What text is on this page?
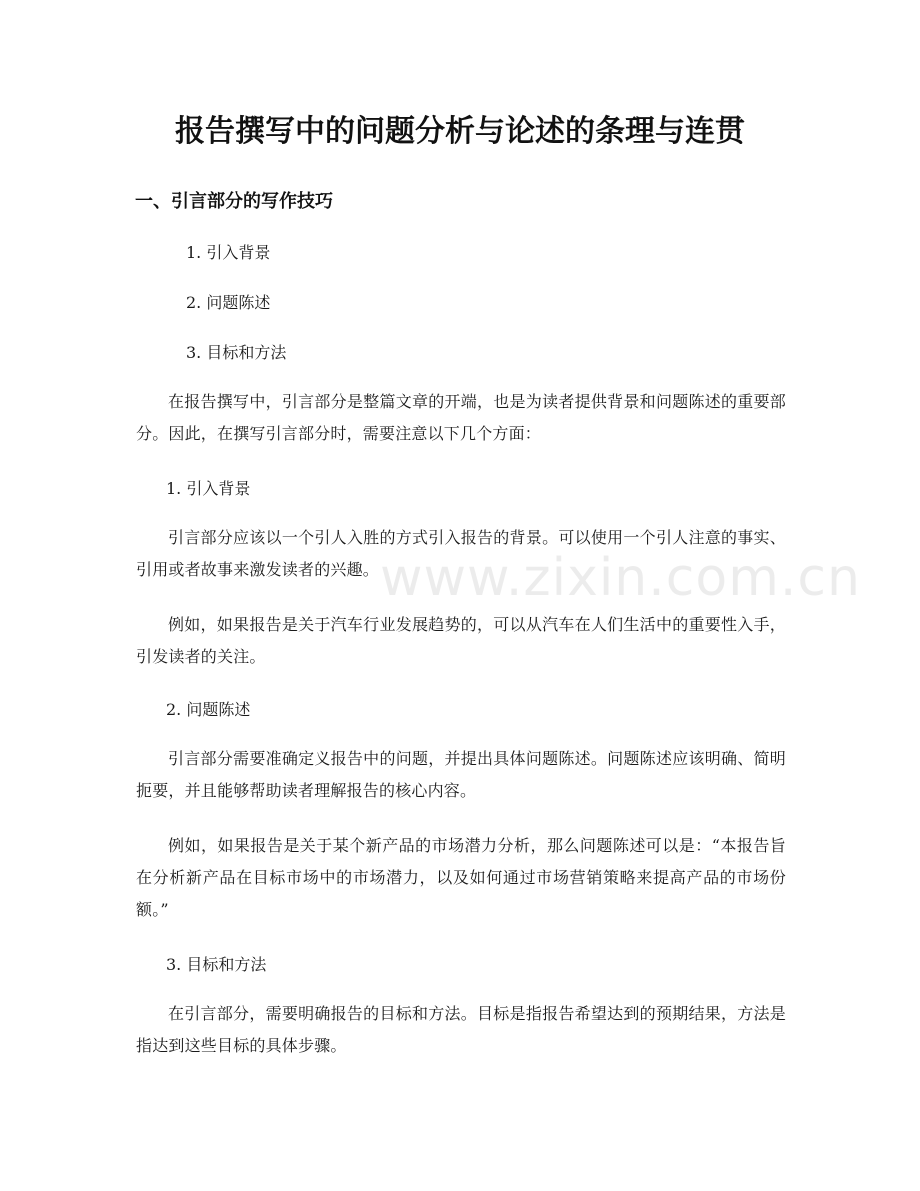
报告撰写中的问题分析与论述的条理与连贯
一、引言部分的写作技巧
1. 引入背景
2. 问题陈述
3. 目标和方法

在报告撰写中，引言部分是整篇文章的开端，也是为读者提供背景和问题陈述的重要部分。因此，在撰写引言部分时，需要注意以下几个方面：

1. 引入背景

引言部分应该以一个引人入胜的方式引入报告的背景。可以使用一个引人注意的事实、引用或者故事来激发读者的兴趣。

例如，如果报告是关于汽车行业发展趋势的，可以从汽车在人们生活中的重要性入手，引发读者的关注。

2. 问题陈述

引言部分需要准确定义报告中的问题，并提出具体问题陈述。问题陈述应该明确、简明扼要，并且能够帮助读者理解报告的核心内容。

例如，如果报告是关于某个新产品的市场潜力分析，那么问题陈述可以是：“本报告旨在分析新产品在目标市场中的市场潜力，以及如何通过市场营销策略来提高产品的市场份额。”

3. 目标和方法

在引言部分，需要明确报告的目标和方法。目标是指报告希望达到的预期结果，方法是指达到这些目标的具体步骤。

www.zixin.com.cn
